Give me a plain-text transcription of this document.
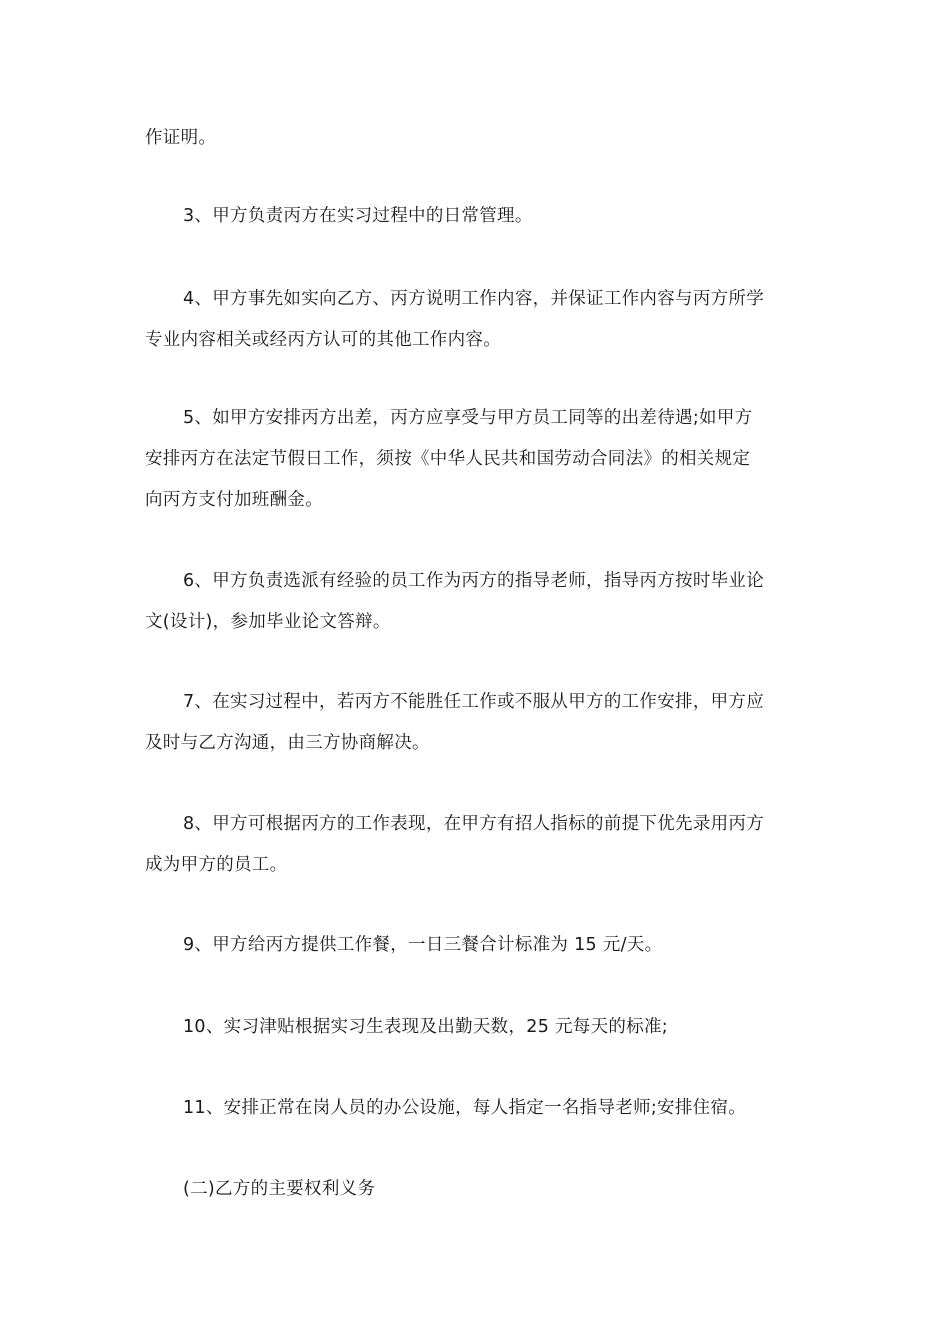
作证明。

3、甲方负责丙方在实习过程中的日常管理。

4、甲方事先如实向乙方、丙方说明工作内容，并保证工作内容与丙方所学
专业内容相关或经丙方认可的其他工作内容。

5、如甲方安排丙方出差，丙方应享受与甲方员工同等的出差待遇;如甲方
安排丙方在法定节假日工作，须按《中华人民共和国劳动合同法》的相关规定
向丙方支付加班酬金。

6、甲方负责选派有经验的员工作为丙方的指导老师，指导丙方按时毕业论
文(设计)，参加毕业论文答辩。

7、在实习过程中，若丙方不能胜任工作或不服从甲方的工作安排，甲方应
及时与乙方沟通，由三方协商解决。

8、甲方可根据丙方的工作表现，在甲方有招人指标的前提下优先录用丙方
成为甲方的员工。

9、甲方给丙方提供工作餐，一日三餐合计标准为 15 元/天。

10、实习津贴根据实习生表现及出勤天数，25 元每天的标准;

11、安排正常在岗人员的办公设施，每人指定一名指导老师;安排住宿。

(二)乙方的主要权利义务
